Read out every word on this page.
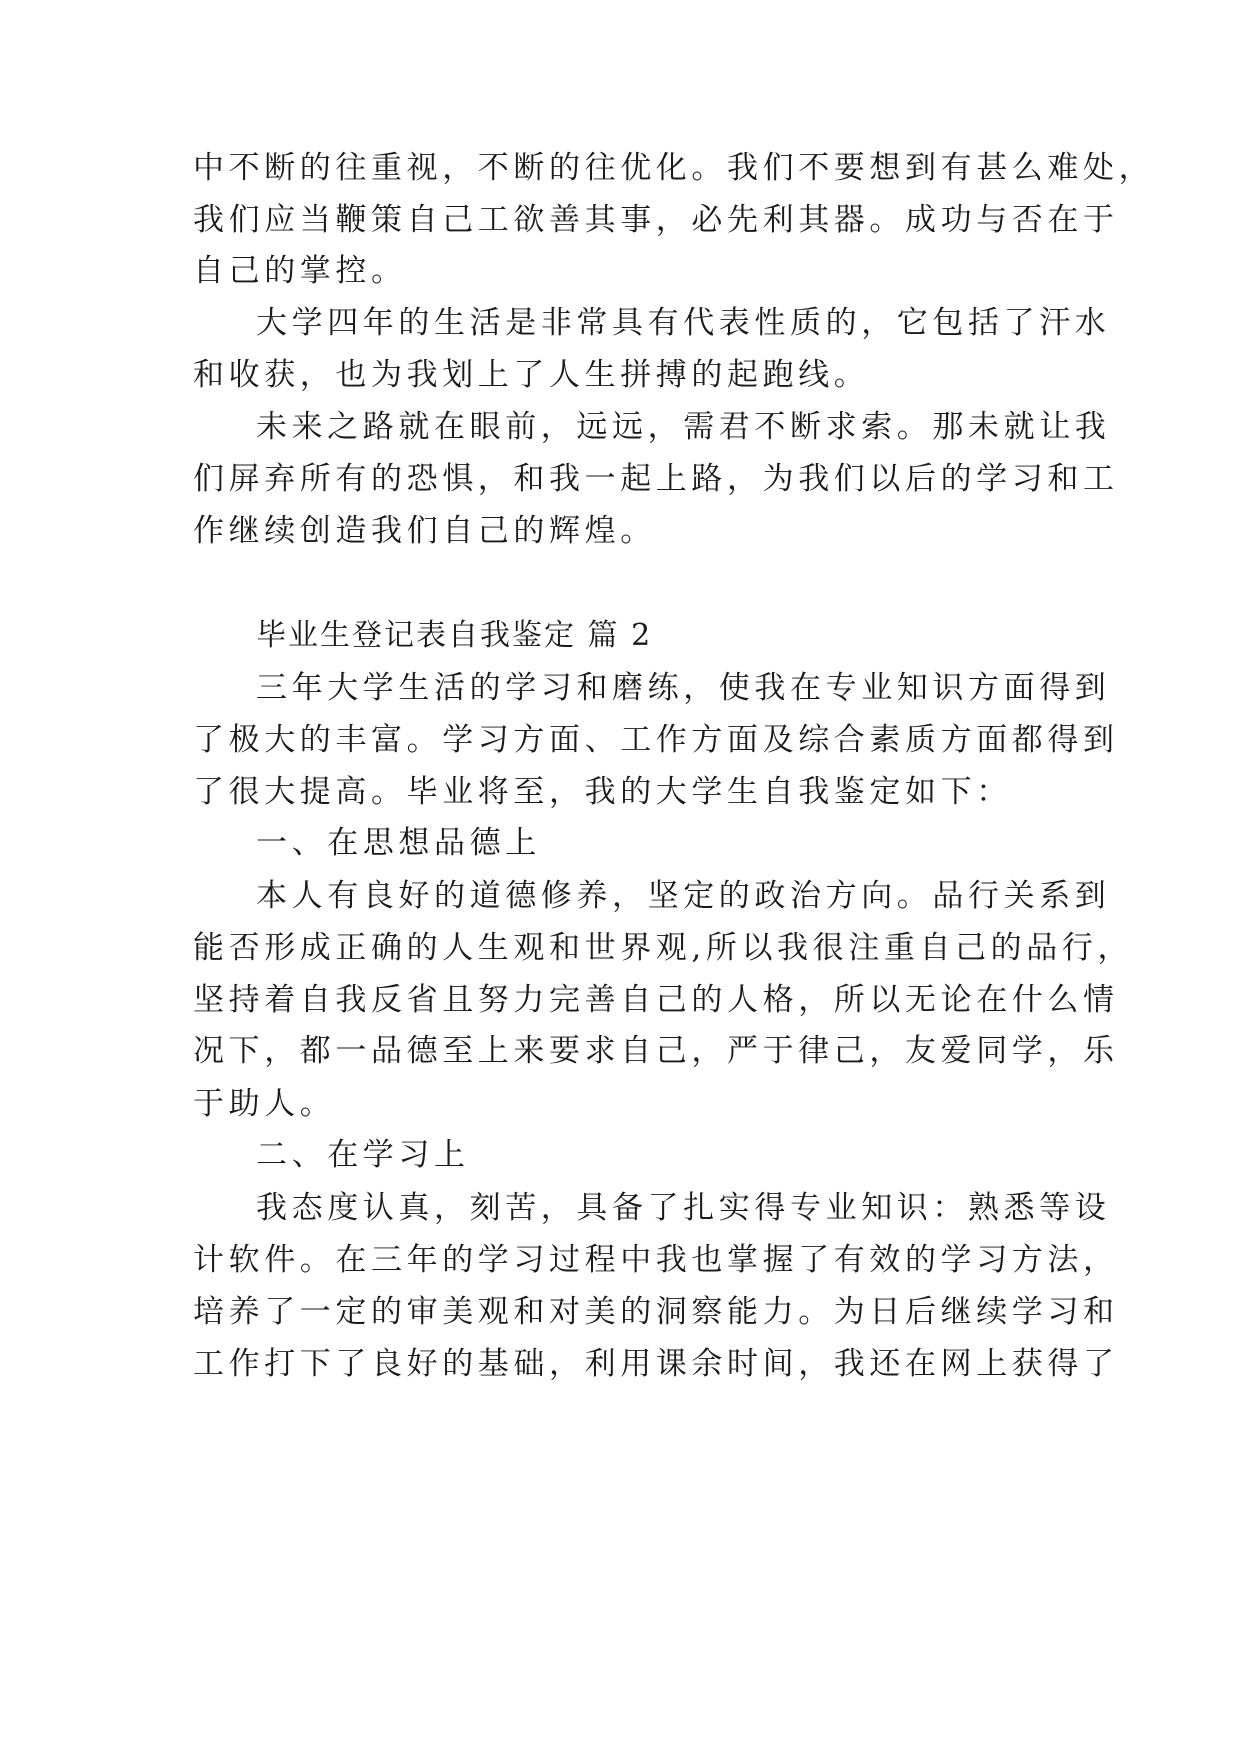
中不断的往重视，不断的往优化。我们不要想到有甚么难处，
我们应当鞭策自己工欲善其事，必先利其器。成功与否在于
自己的掌控。
大学四年的生活是非常具有代表性质的，它包括了汗水
和收获，也为我划上了人生拼搏的起跑线。
未来之路就在眼前，远远，需君不断求索。那未就让我
们屏弃所有的恐惧，和我一起上路，为我们以后的学习和工
作继续创造我们自己的辉煌。
毕业生登记表自我鉴定 篇 2
三年大学生活的学习和磨练，使我在专业知识方面得到
了极大的丰富。学习方面、工作方面及综合素质方面都得到
了很大提高。毕业将至，我的大学生自我鉴定如下：
一、在思想品德上
本人有良好的道德修养，坚定的政治方向。品行关系到
能否形成正确的人生观和世界观,所以我很注重自己的品行，
坚持着自我反省且努力完善自己的人格，所以无论在什么情
况下，都一品德至上来要求自己，严于律己，友爱同学，乐
于助人。
二、在学习上
我态度认真，刻苦，具备了扎实得专业知识：熟悉等设
计软件。在三年的学习过程中我也掌握了有效的学习方法，
培养了一定的审美观和对美的洞察能力。为日后继续学习和
工作打下了良好的基础，利用课余时间，我还在网上获得了
